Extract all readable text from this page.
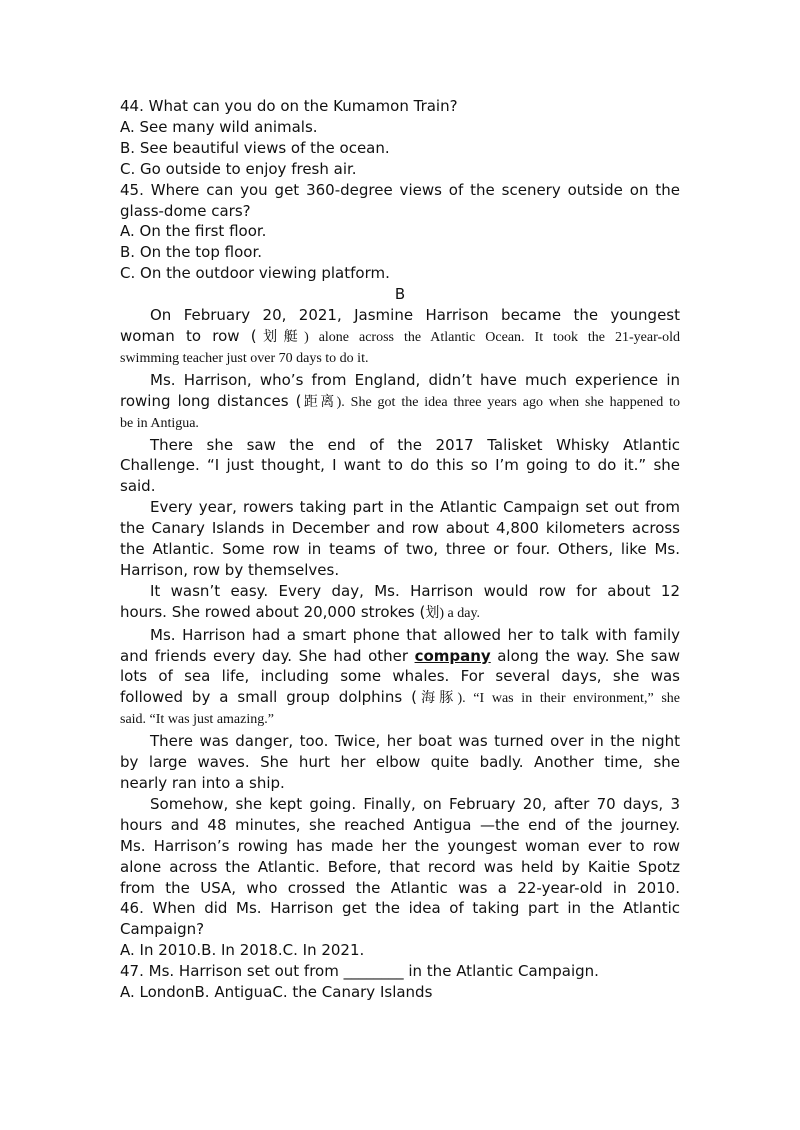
44. What can you do on the Kumamon Train?
A. See many wild animals.
B. See beautiful views of the ocean.
C. Go outside to enjoy fresh air.
45. Where can you get 360-degree views of the scenery outside on the
glass-dome cars?
A. On the first floor.
B. On the top floor.
C. On the outdoor viewing platform.
B
On February 20, 2021, Jasmine Harrison became the youngest
woman to row (划艇) alone across the Atlantic Ocean. It took the 21-year-old
swimming teacher just over 70 days to do it.
Ms. Harrison, who’s from England, didn’t have much experience in
rowing long distances (距离). She got the idea three years ago when she happened to
be in Antigua.
There she saw the end of the 2017 Talisket Whisky Atlantic
Challenge. “I just thought, I want to do this so I’m going to do it.” she
said.
Every year, rowers taking part in the Atlantic Campaign set out from
the Canary Islands in December and row about 4,800 kilometers across
the Atlantic. Some row in teams of two, three or four. Others, like Ms.
Harrison, row by themselves.
It wasn’t easy. Every day, Ms. Harrison would row for about 12
hours. She rowed about 20,000 strokes (划) a day.
Ms. Harrison had a smart phone that allowed her to talk with family
and friends every day. She had other company along the way. She saw
lots of sea life, including some whales. For several days, she was
followed by a small group dolphins (海豚). “I was in their environment,” she
said. “It was just amazing.”
There was danger, too. Twice, her boat was turned over in the night
by large waves. She hurt her elbow quite badly. Another time, she
nearly ran into a ship.
Somehow, she kept going. Finally, on February 20, after 70 days, 3
hours and 48 minutes, she reached Antigua —the end of the journey.
Ms. Harrison’s rowing has made her the youngest woman ever to row
alone across the Atlantic. Before, that record was held by Kaitie Spotz
from the USA, who crossed the Atlantic was a 22-year-old in 2010.
46. When did Ms. Harrison get the idea of taking part in the Atlantic
Campaign?
A. In 2010.B. In 2018.C. In 2021.
47. Ms. Harrison set out from ________ in the Atlantic Campaign.
A. LondonB. AntiguaC. the Canary Islands
